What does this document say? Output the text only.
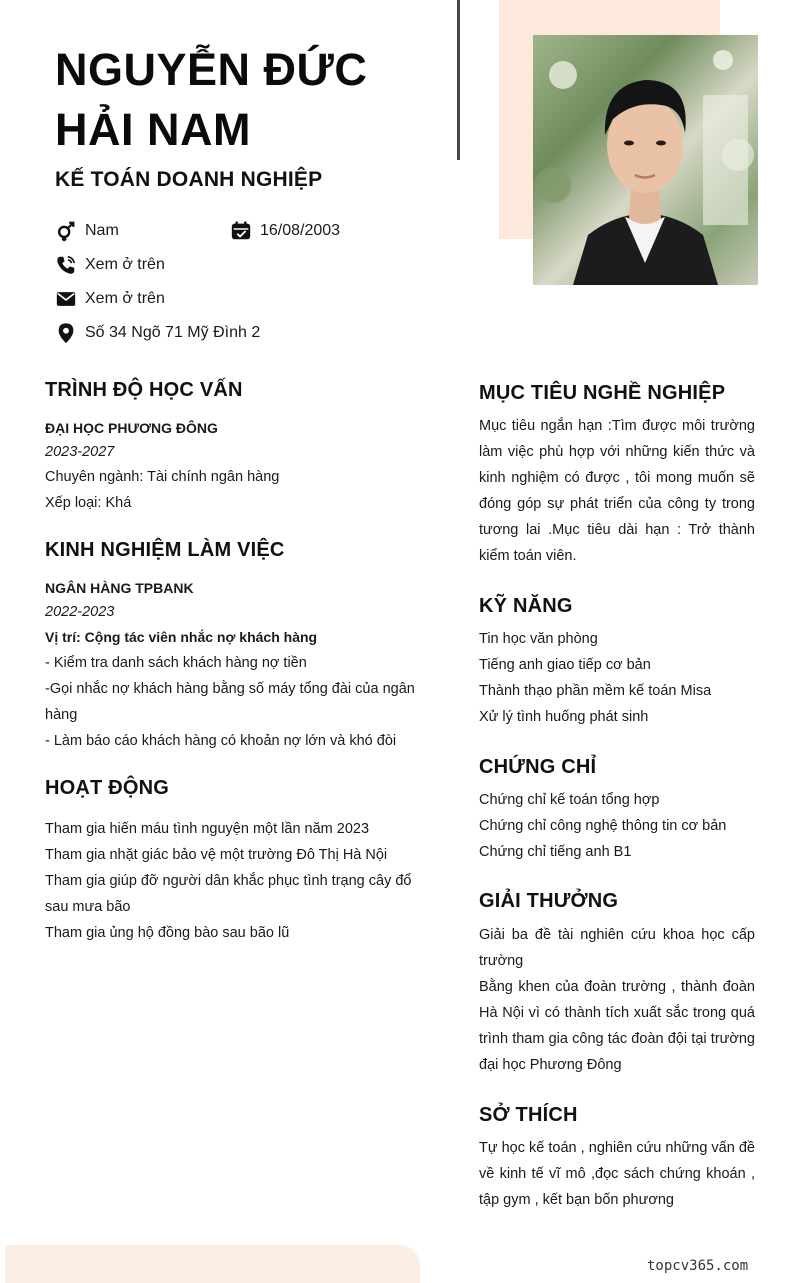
NGUYỄN ĐỨC HẢI NAM
KẾ TOÁN DOANH NGHIỆP
Nam	16/08/2003
Xem ở trên
Xem ở trên
Số 34 Ngõ 71 Mỹ Đình 2
TRÌNH ĐỘ HỌC VẤN

ĐẠI HỌC PHƯƠNG ĐÔNG

2023-2027

Chuyên ngành: Tài chính ngân hàng

Xếp loại: Khá

KINH NGHIỆM LÀM VIỆC

NGÂN HÀNG TPBANK

2022-2023

Vị trí: Cộng tác viên nhắc nợ khách hàng

- Kiểm tra danh sách khách hàng nợ tiền

-Gọi nhắc nợ khách hàng bằng số máy tổng đài của ngân hàng

- Làm báo cáo khách hàng có khoản nợ lớn và khó đòi

HOẠT ĐỘNG

Tham gia hiến máu tình nguyện một lần năm 2023

Tham gia nhặt giác bảo vệ một trường Đô Thị Hà Nội

Tham gia giúp đỡ người dân khắc phục tình trạng cây đổ sau mưa bão

Tham gia ủng hộ đồng bào sau bão lũ

MỤC TIÊU NGHỀ NGHIỆP

Mục tiêu ngắn hạn :Tìm được môi trường làm việc phù hợp với những kiến thức và kinh nghiệm có được , tôi mong muốn sẽ đóng góp sự phát triển của công ty trong tương lai .Mục tiêu dài hạn : Trở thành kiểm toán viên.

KỸ NĂNG

Tin học văn phòng

Tiếng anh giao tiếp cơ bản

Thành thạo phần mềm kế toán Misa

Xử lý tình huống phát sinh

CHỨNG CHỈ

Chứng chỉ kế toán tổng hợp

Chứng chỉ công nghệ thông tin cơ bản

Chứng chỉ tiếng anh B1

GIẢI THƯỞNG

Giải ba đề tài nghiên cứu khoa học cấp trường

Bằng khen của đoàn trường , thành đoàn Hà Nội vì có thành tích xuất sắc trong quá trình tham gia công tác đoàn đội tại trường đại học Phương Đông

SỞ THÍCH

Tự học kế toán , nghiên cứu những vấn đề về kinh tế vĩ mô ,đọc sách chứng khoán , tập gym , kết bạn bốn phương

topcv365.com
